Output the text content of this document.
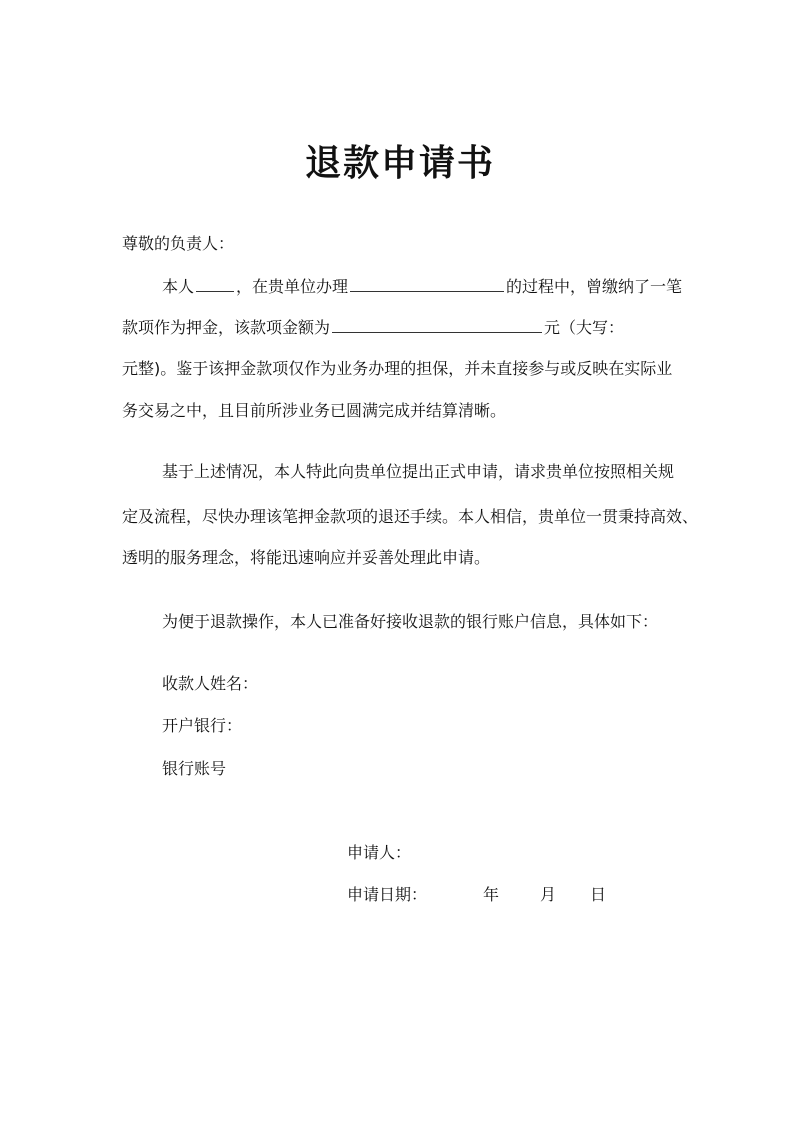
退款申请书
尊敬的负责人：
本人	，在贵单位办理	的过程中，曾缴纳了一笔
款项作为押金，该款项金额为	元（大写：
元整)。鉴于该押金款项仅作为业务办理的担保，并未直接参与或反映在实际业
务交易之中，且目前所涉业务已圆满完成并结算清晰。
基于上述情况，本人特此向贵单位提出正式申请，请求贵单位按照相关规
定及流程，尽快办理该笔押金款项的退还手续。本人相信，贵单位一贯秉持高效、
透明的服务理念，将能迅速响应并妥善处理此申请。
为便于退款操作，本人已准备好接收退款的银行账户信息，具体如下：
收款人姓名：
开户银行：
银行账号
申请人：
申请日期：	年	月 日
